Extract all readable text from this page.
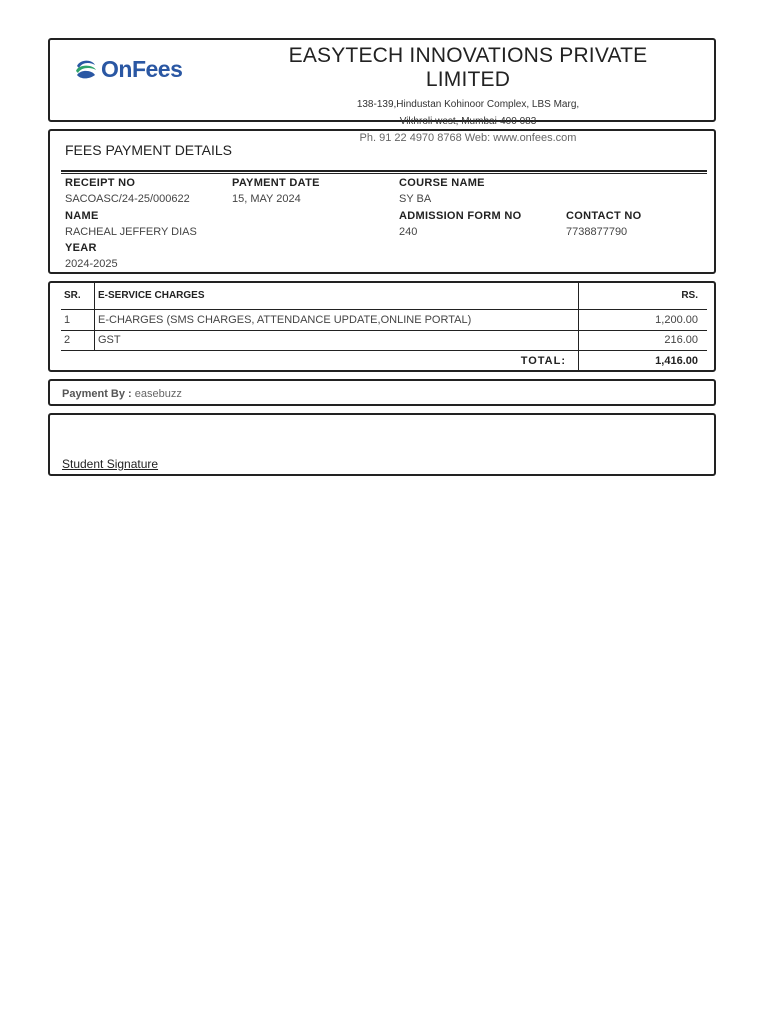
OnFees
EASYTECH INNOVATIONS PRIVATE LIMITED
138-139,Hindustan Kohinoor Complex, LBS Marg,
Vikhroli west, Mumbai-400 083
Ph. 91 22 4970 8768 Web: www.onfees.com
FEES PAYMENT DETAILS
RECEIPT NO
SACOASC/24-25/000622
PAYMENT DATE
15, MAY 2024
COURSE NAME
SY BA
NAME
RACHEAL JEFFERY DIAS
ADMISSION FORM NO
240
CONTACT NO
7738877790
YEAR
2024-2025
SR. E-SERVICE CHARGES	RS.
1	E-CHARGES (SMS CHARGES, ATTENDANCE UPDATE,ONLINE PORTAL)	1,200.00
2	GST	216.00
TOTAL:	1,416.00
Payment By : easebuzz
Student Signature
